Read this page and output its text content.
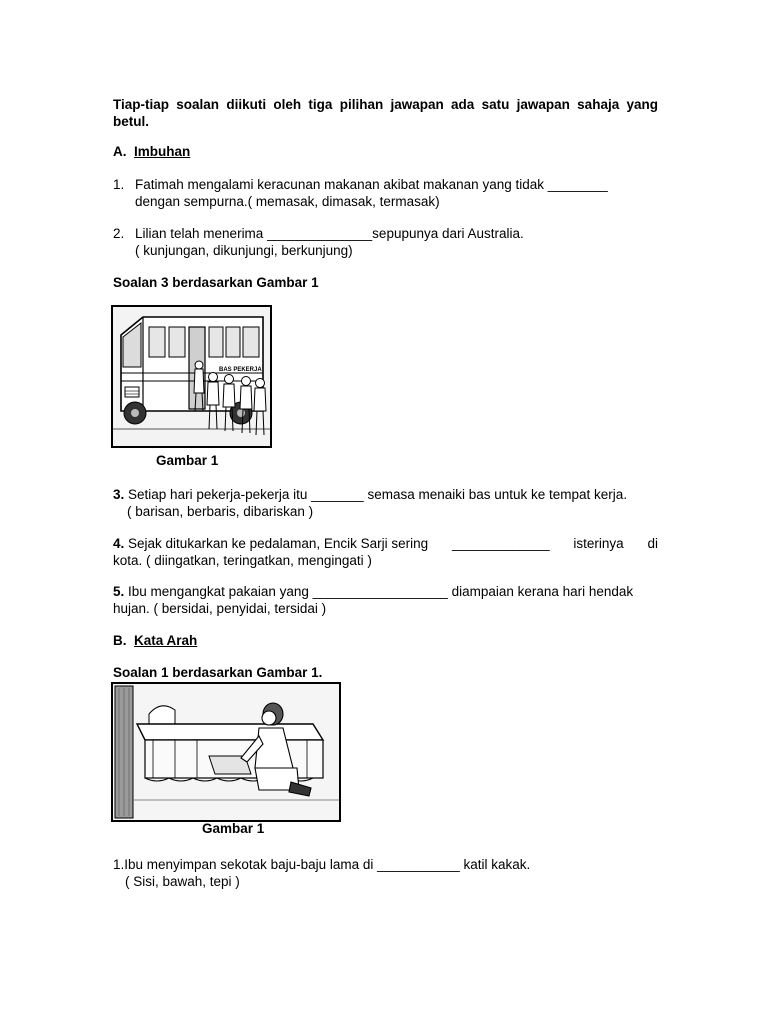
Tiap-tiap soalan diikuti oleh tiga pilihan jawapan ada satu jawapan sahaja yang betul.
A. Imbuhan
1. Fatimah mengalami keracunan makanan akibat makanan yang tidak ________
dengan sempurna.( memasak, dimasak, termasak)
2. Lilian telah menerima ______________sepupunya dari Australia.
( kunjungan, dikunjungi, berkunjung)
Soalan 3 berdasarkan Gambar 1
BAS PEKERJA
Gambar 1
3. Setiap hari pekerja-pekerja itu _______ semasa menaiki bas untuk ke tempat kerja.
( barisan, berbaris, dibariskan )
4. Sejak ditukarkan ke pedalaman, Encik Sarji sering _____________ isterinya di
kota. ( diingatkan, teringatkan, mengingati )
5. Ibu mengangkat pakaian yang __________________ diampaian kerana hari hendak
hujan. ( bersidai, penyidai, tersidai )
B. Kata Arah
Soalan 1 berdasarkan Gambar 1.
Gambar 1
1.Ibu menyimpan sekotak baju-baju lama di ___________ katil kakak.
( Sisi, bawah, tepi )
